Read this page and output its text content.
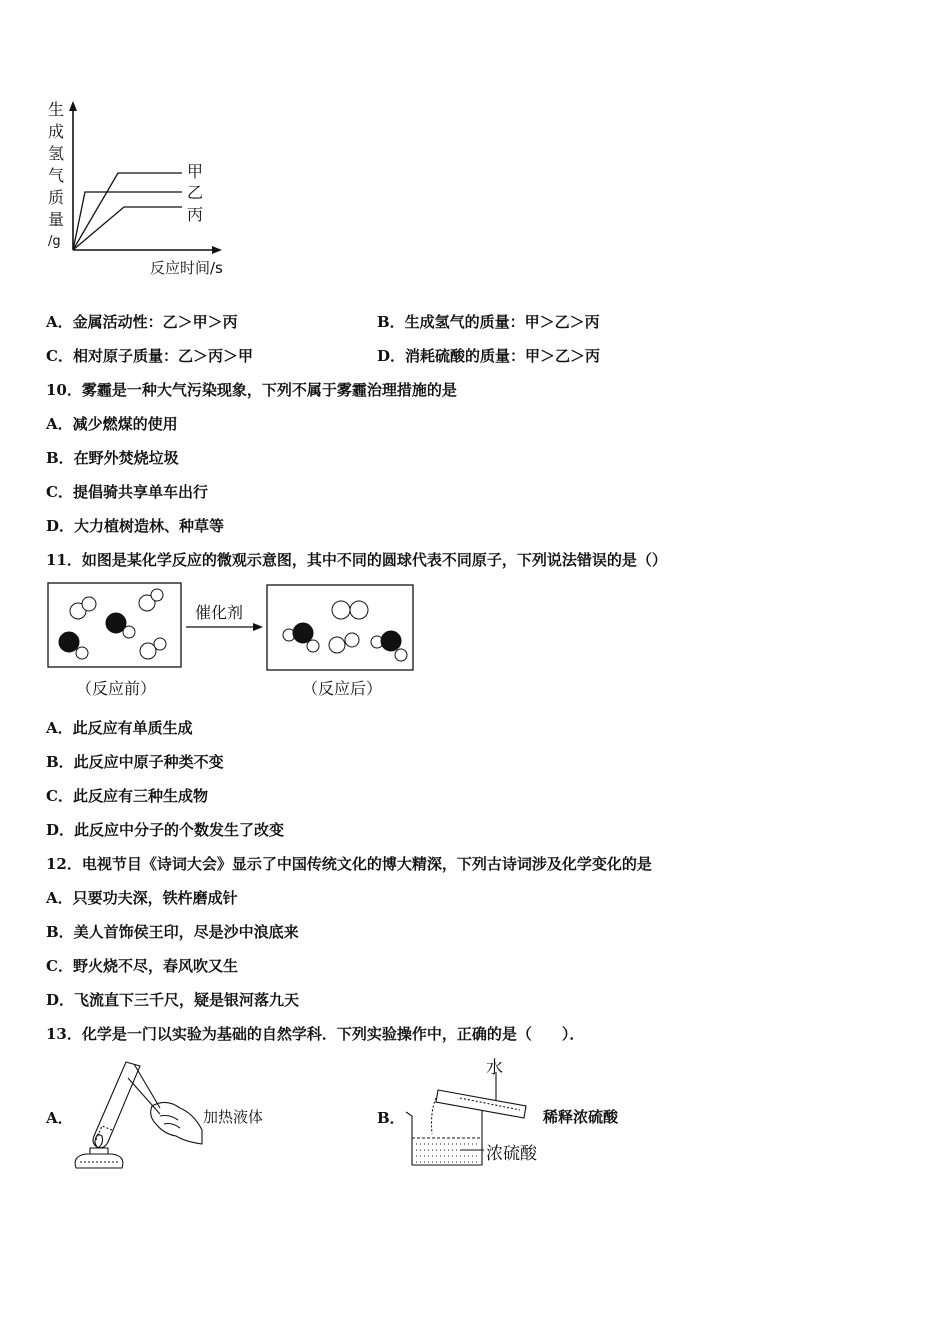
生
成
氢
气
质
量
/g
甲
乙
丙
反应时间/s
A．金属活动性：乙＞甲＞丙	B．生成氢气的质量：甲＞乙＞丙
C．相对原子质量：乙＞丙＞甲	D．消耗硫酸的质量：甲＞乙＞丙
10．雾霾是一种大气污染现象，下列不属于雾霾治理措施的是
A．减少燃煤的使用
B．在野外焚烧垃圾
C．提倡骑共享单车出行
D．大力植树造林、种草等
11．如图是某化学反应的微观示意图，其中不同的圆球代表不同原子，下列说法错误的是（）
催化剂
（反应前）	（反应后）
A．此反应有单质生成
B．此反应中原子种类不变
C．此反应有三种生成物
D．此反应中分子的个数发生了改变
12．电视节目《诗词大会》显示了中国传统文化的博大精深，下列古诗词涉及化学变化的是
A．只要功夫深，铁杵磨成针
B．美人首饰侯王印，尽是沙中浪底来
C．野火烧不尽，春风吹又生
D．飞流直下三千尺，疑是银河落九天
13．化学是一门以实验为基础的自然学科．下列实验操作中，正确的是（　　）．
A．	加热液体	B．
水
稀释浓硫酸
浓硫酸
